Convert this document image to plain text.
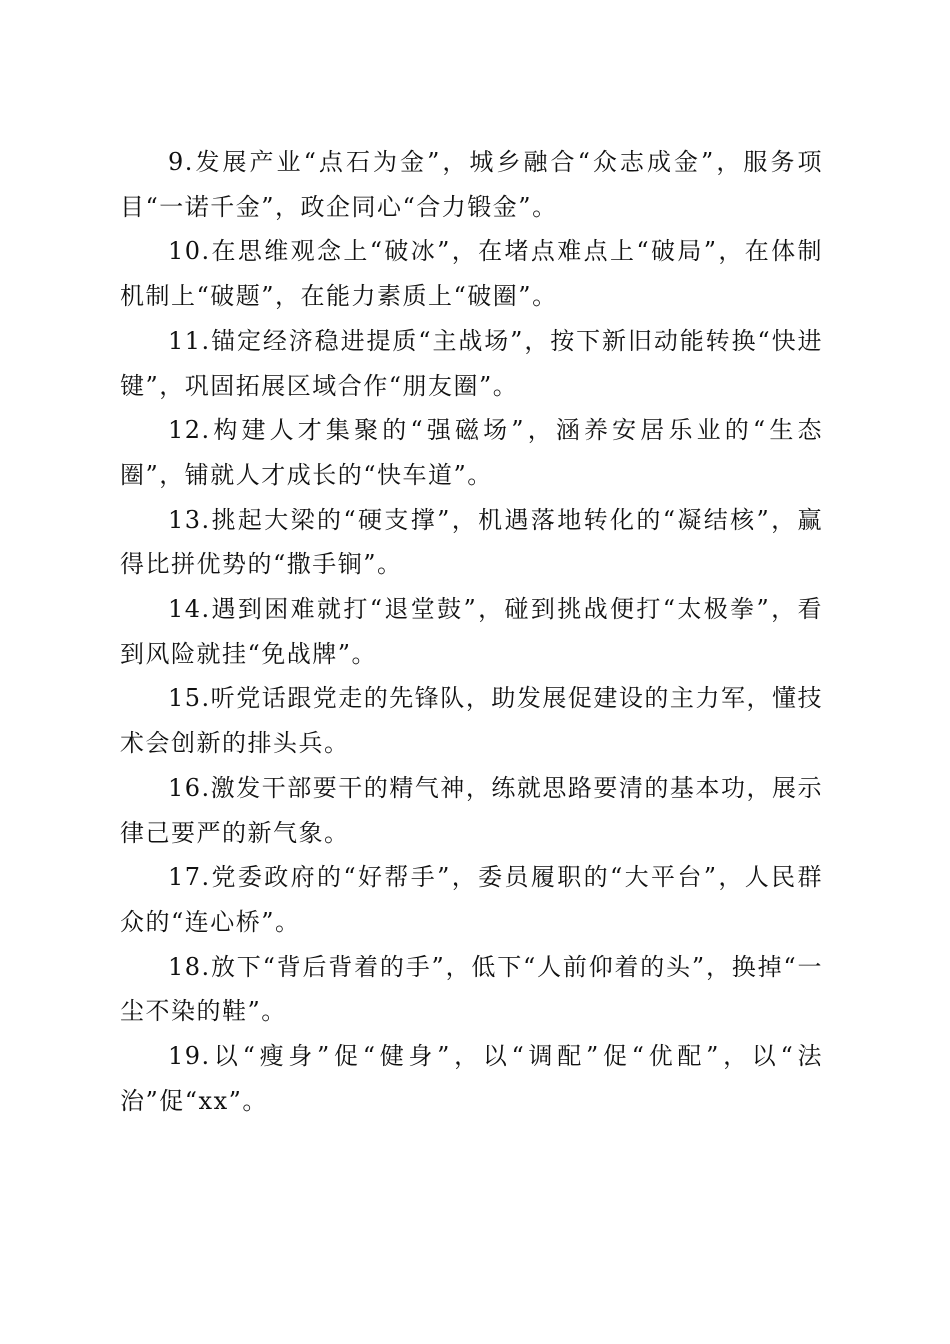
9.发展产业“点石为金”，城乡融合“众志成金”，服务项目“一诺千金”，政企同心“合力锻金”。

10.在思维观念上“破冰”，在堵点难点上“破局”，在体制机制上“破题”，在能力素质上“破圈”。

11.锚定经济稳进提质“主战场”，按下新旧动能转换“快进键”，巩固拓展区域合作“朋友圈”。

12.构建人才集聚的“强磁场”，涵养安居乐业的“生态圈”，铺就人才成长的“快车道”。

13.挑起大梁的“硬支撑”，机遇落地转化的“凝结核”，赢得比拼优势的“撒手锏”。

14.遇到困难就打“退堂鼓”，碰到挑战便打“太极拳”，看到风险就挂“免战牌”。

15.听党话跟党走的先锋队，助发展促建设的主力军，懂技术会创新的排头兵。

16.激发干部要干的精气神，练就思路要清的基本功，展示律己要严的新气象。

17.党委政府的“好帮手”，委员履职的“大平台”，人民群众的“连心桥”。

18.放下“背后背着的手”，低下“人前仰着的头”，换掉“一尘不染的鞋”。

19.以“瘦身”促“健身”，以“调配”促“优配”，以“法治”促“xx”。
